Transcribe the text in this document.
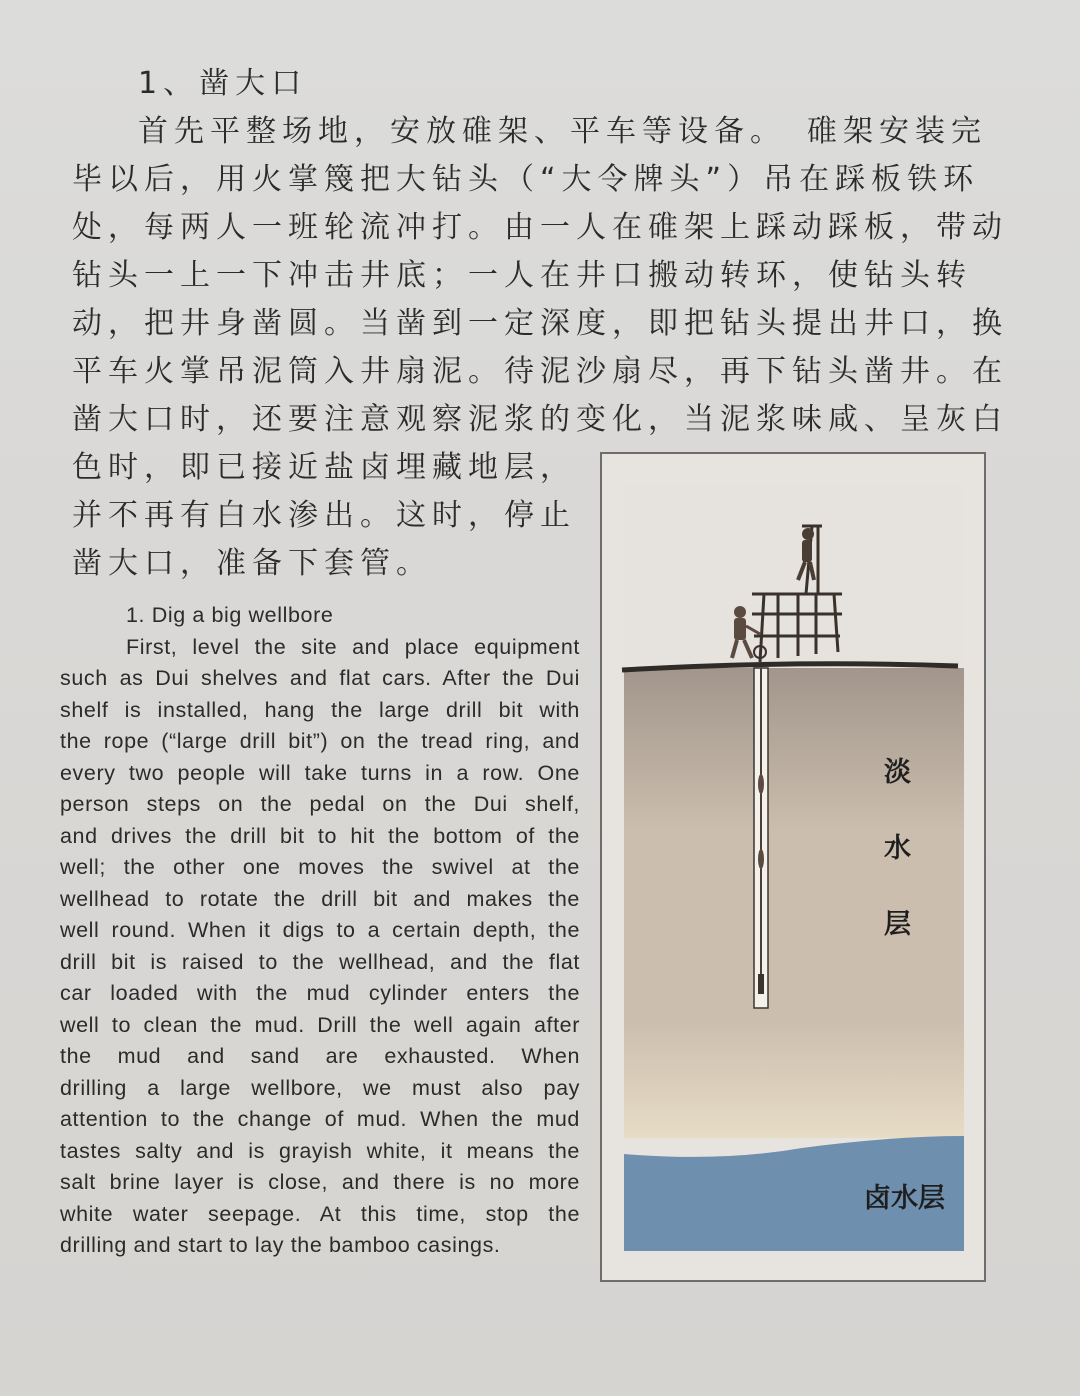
1、凿大口
首先平整场地，安放碓架、平车等设备。　碓架安装完
毕以后，用火掌篾把大钻头（“大令牌头”）吊在踩板铁环
处，每两人一班轮流冲打。由一人在碓架上踩动踩板，带动
钻头一上一下冲击井底；一人在井口搬动转环，使钻头转
动，把井身凿圆。当凿到一定深度，即把钻头提出井口，换
平车火掌吊泥筒入井扇泥。待泥沙扇尽，再下钻头凿井。在
凿大口时，还要注意观察泥浆的变化，当泥浆味咸、呈灰白
色时，即已接近盐卤埋藏地层，
并不再有白水渗出。这时，停止
凿大口，准备下套管。
1. Dig a big wellbore
First, level the site and place equipment
such as Dui shelves and flat cars. After the Dui
shelf is installed, hang the large drill bit with
the rope (“large drill bit”) on the tread ring, and
every two people will take turns in a row. One
person steps on the pedal on the Dui shelf,
and drives the drill bit to hit the bottom of the
well; the other one moves the swivel at the
wellhead to rotate the drill bit and makes the
well round. When it digs to a certain depth, the
drill bit is raised to the wellhead, and the flat
car loaded with the mud cylinder enters the
well to clean the mud. Drill the well again after
the mud and sand are exhausted. When
drilling a large wellbore, we must also pay
attention to the change of mud. When the mud
tastes salty and is grayish white, it means the
salt brine layer is close, and there is no more
white water seepage. At this time, stop the
drilling and start to lay the bamboo casings.
淡
水
层
卤水层
